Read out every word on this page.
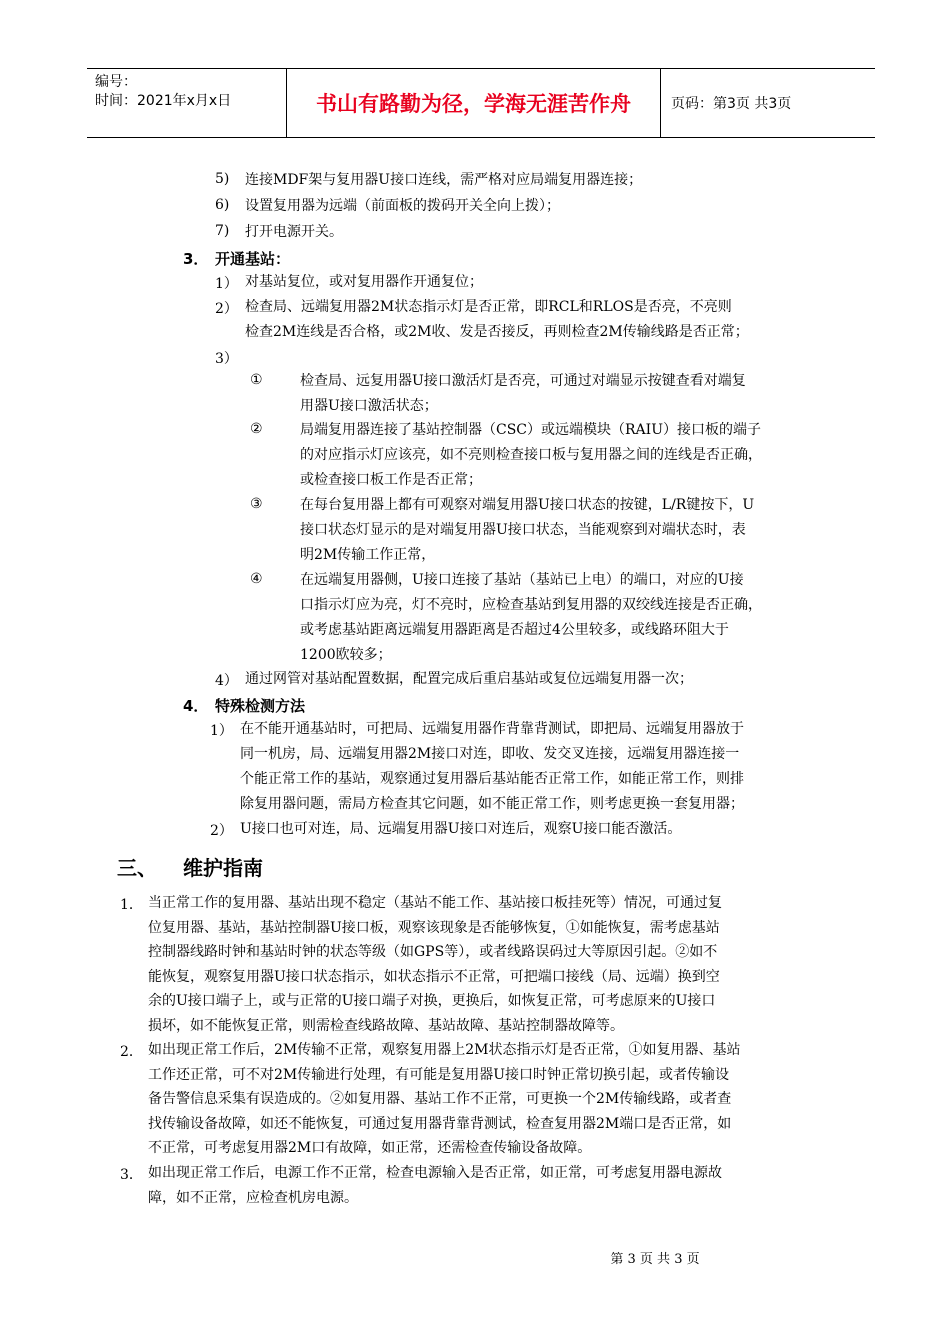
编号：
时间：2021年x月x日	书山有路勤为径，学海无涯苦作舟	页码：第3页 共3页
5) 连接MDF架与复用器U接口连线，需严格对应局端复用器连接；
6) 设置复用器为远端（前面板的拨码开关全向上拨）；
7) 打开电源开关。
3． 开通基站：
1） 对基站复位，或对复用器作开通复位；
2） 检查局、远端复用器2M状态指示灯是否正常，即RCL和RLOS是否亮，不亮则
检查2M连线是否合格，或2M收、发是否接反，再则检查2M传输线路是否正常；
3）
①	检查局、远复用器U接口激活灯是否亮，可通过对端显示按键查看对端复
用器U接口激活状态；
②	局端复用器连接了基站控制器（CSC）或远端模块（RAIU）接口板的端子
的对应指示灯应该亮，如不亮则检查接口板与复用器之间的连线是否正确，
或检查接口板工作是否正常；
③	在每台复用器上都有可观察对端复用器U接口状态的按键，L/R键按下，U
接口状态灯显示的是对端复用器U接口状态，当能观察到对端状态时，表
明2M传输工作正常，
④	在远端复用器侧，U接口连接了基站（基站已上电）的端口，对应的U接
口指示灯应为亮，灯不亮时，应检查基站到复用器的双绞线连接是否正确，
或考虑基站距离远端复用器距离是否超过4公里较多，或线路环阻大于
1200欧较多；
4） 通过网管对基站配置数据，配置完成后重启基站或复位远端复用器一次；
4． 特殊检测方法
1） 在不能开通基站时，可把局、远端复用器作背靠背测试，即把局、远端复用器放于
同一机房，局、远端复用器2M接口对连，即收、发交叉连接，远端复用器连接一
个能正常工作的基站，观察通过复用器后基站能否正常工作，如能正常工作，则排
除复用器问题，需局方检查其它问题，如不能正常工作，则考虑更换一套复用器；
2） U接口也可对连，局、远端复用器U接口对连后，观察U接口能否激活。
三、 维护指南
1． 当正常工作的复用器、基站出现不稳定（基站不能工作、基站接口板挂死等）情况，可通过复
位复用器、基站，基站控制器U接口板，观察该现象是否能够恢复，①如能恢复，需考虑基站
控制器线路时钟和基站时钟的状态等级（如GPS等），或者线路误码过大等原因引起。②如不
能恢复，观察复用器U接口状态指示，如状态指示不正常，可把端口接线（局、远端）换到空
余的U接口端子上，或与正常的U接口端子对换，更换后，如恢复正常，可考虑原来的U接口
损坏，如不能恢复正常，则需检查线路故障、基站故障、基站控制器故障等。
2． 如出现正常工作后，2M传输不正常，观察复用器上2M状态指示灯是否正常，①如复用器、基站
工作还正常，可不对2M传输进行处理，有可能是复用器U接口时钟正常切换引起，或者传输设
备告警信息采集有误造成的。②如复用器、基站工作不正常，可更换一个2M传输线路，或者查
找传输设备故障，如还不能恢复，可通过复用器背靠背测试，检查复用器2M端口是否正常，如
不正常，可考虑复用器2M口有故障，如正常，还需检查传输设备故障。
3． 如出现正常工作后，电源工作不正常，检查电源输入是否正常，如正常，可考虑复用器电源故
障，如不正常，应检查机房电源。
第 3 页 共 3 页
